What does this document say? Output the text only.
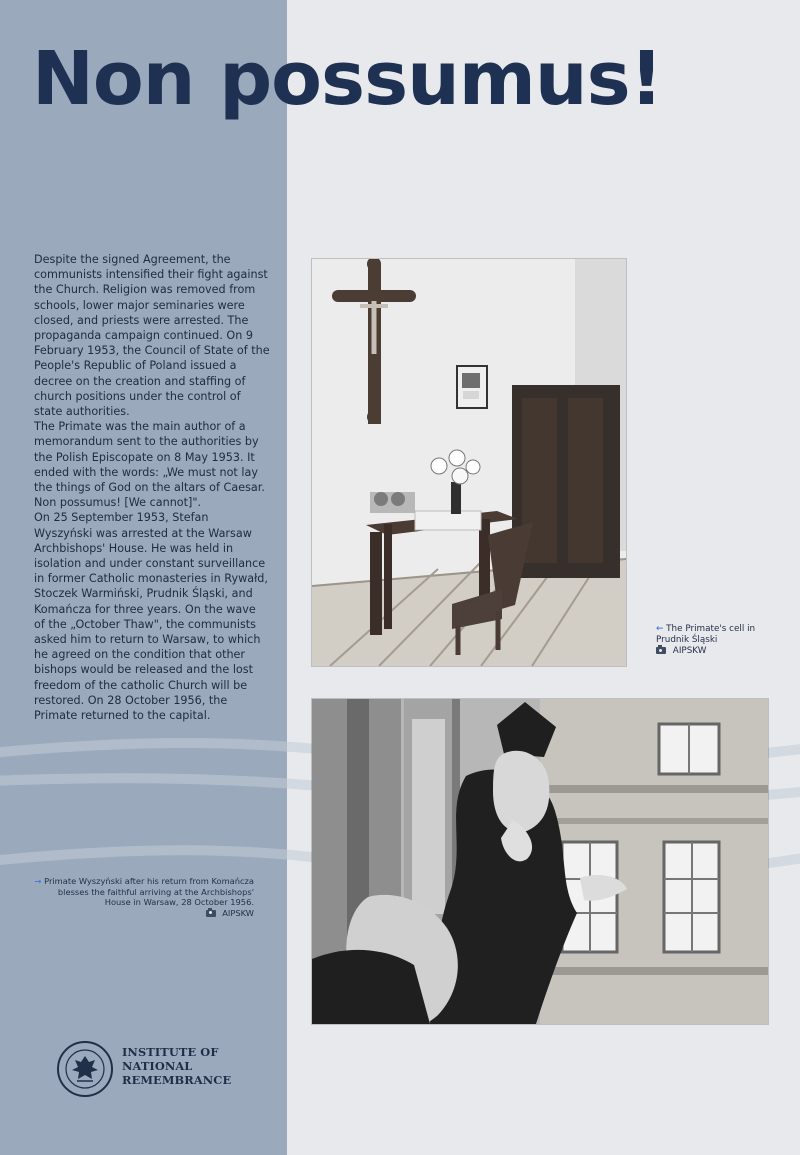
Non possumus!

Despite the signed Agreement, the communists intensified their fight against the Church. Religion was removed from schools, lower major seminaries were closed, and priests were arrested. The propaganda campaign continued. On 9 February 1953, the Council of State of the People's Republic of Poland issued a decree on the creation and staffing of church positions under the control of state authorities.

The Primate was the main author of a memorandum sent to the authorities by the Polish Episcopate on 8 May 1953. It ended with the words: „We must not lay the things of God on the altars of Caesar. Non possumus! [We cannot]".

On 25 September 1953, Stefan Wyszyński was arrested at the Warsaw Archbishops' House. He was held in isolation and under constant surveillance in former Catholic monasteries in Rywałd, Stoczek Warmiński, Prudnik Śląski, and Komańcza for three years. On the wave of the „October Thaw", the communists asked him to return to Warsaw, to which he agreed on the condition that other bishops would be released and the lost freedom of the catholic Church will be restored. On 28 October 1956, the Primate returned to the capital.

← The Primate's cell in Prudnik Śląski
AIPSKW
→ Primate Wyszyński after his return from Komańcza blesses the faithful arriving at the Archbishops' House in Warsaw, 28 October 1956.
AIPSKW
INSTITUTE OF
NATIONAL
REMEMBRANCE
